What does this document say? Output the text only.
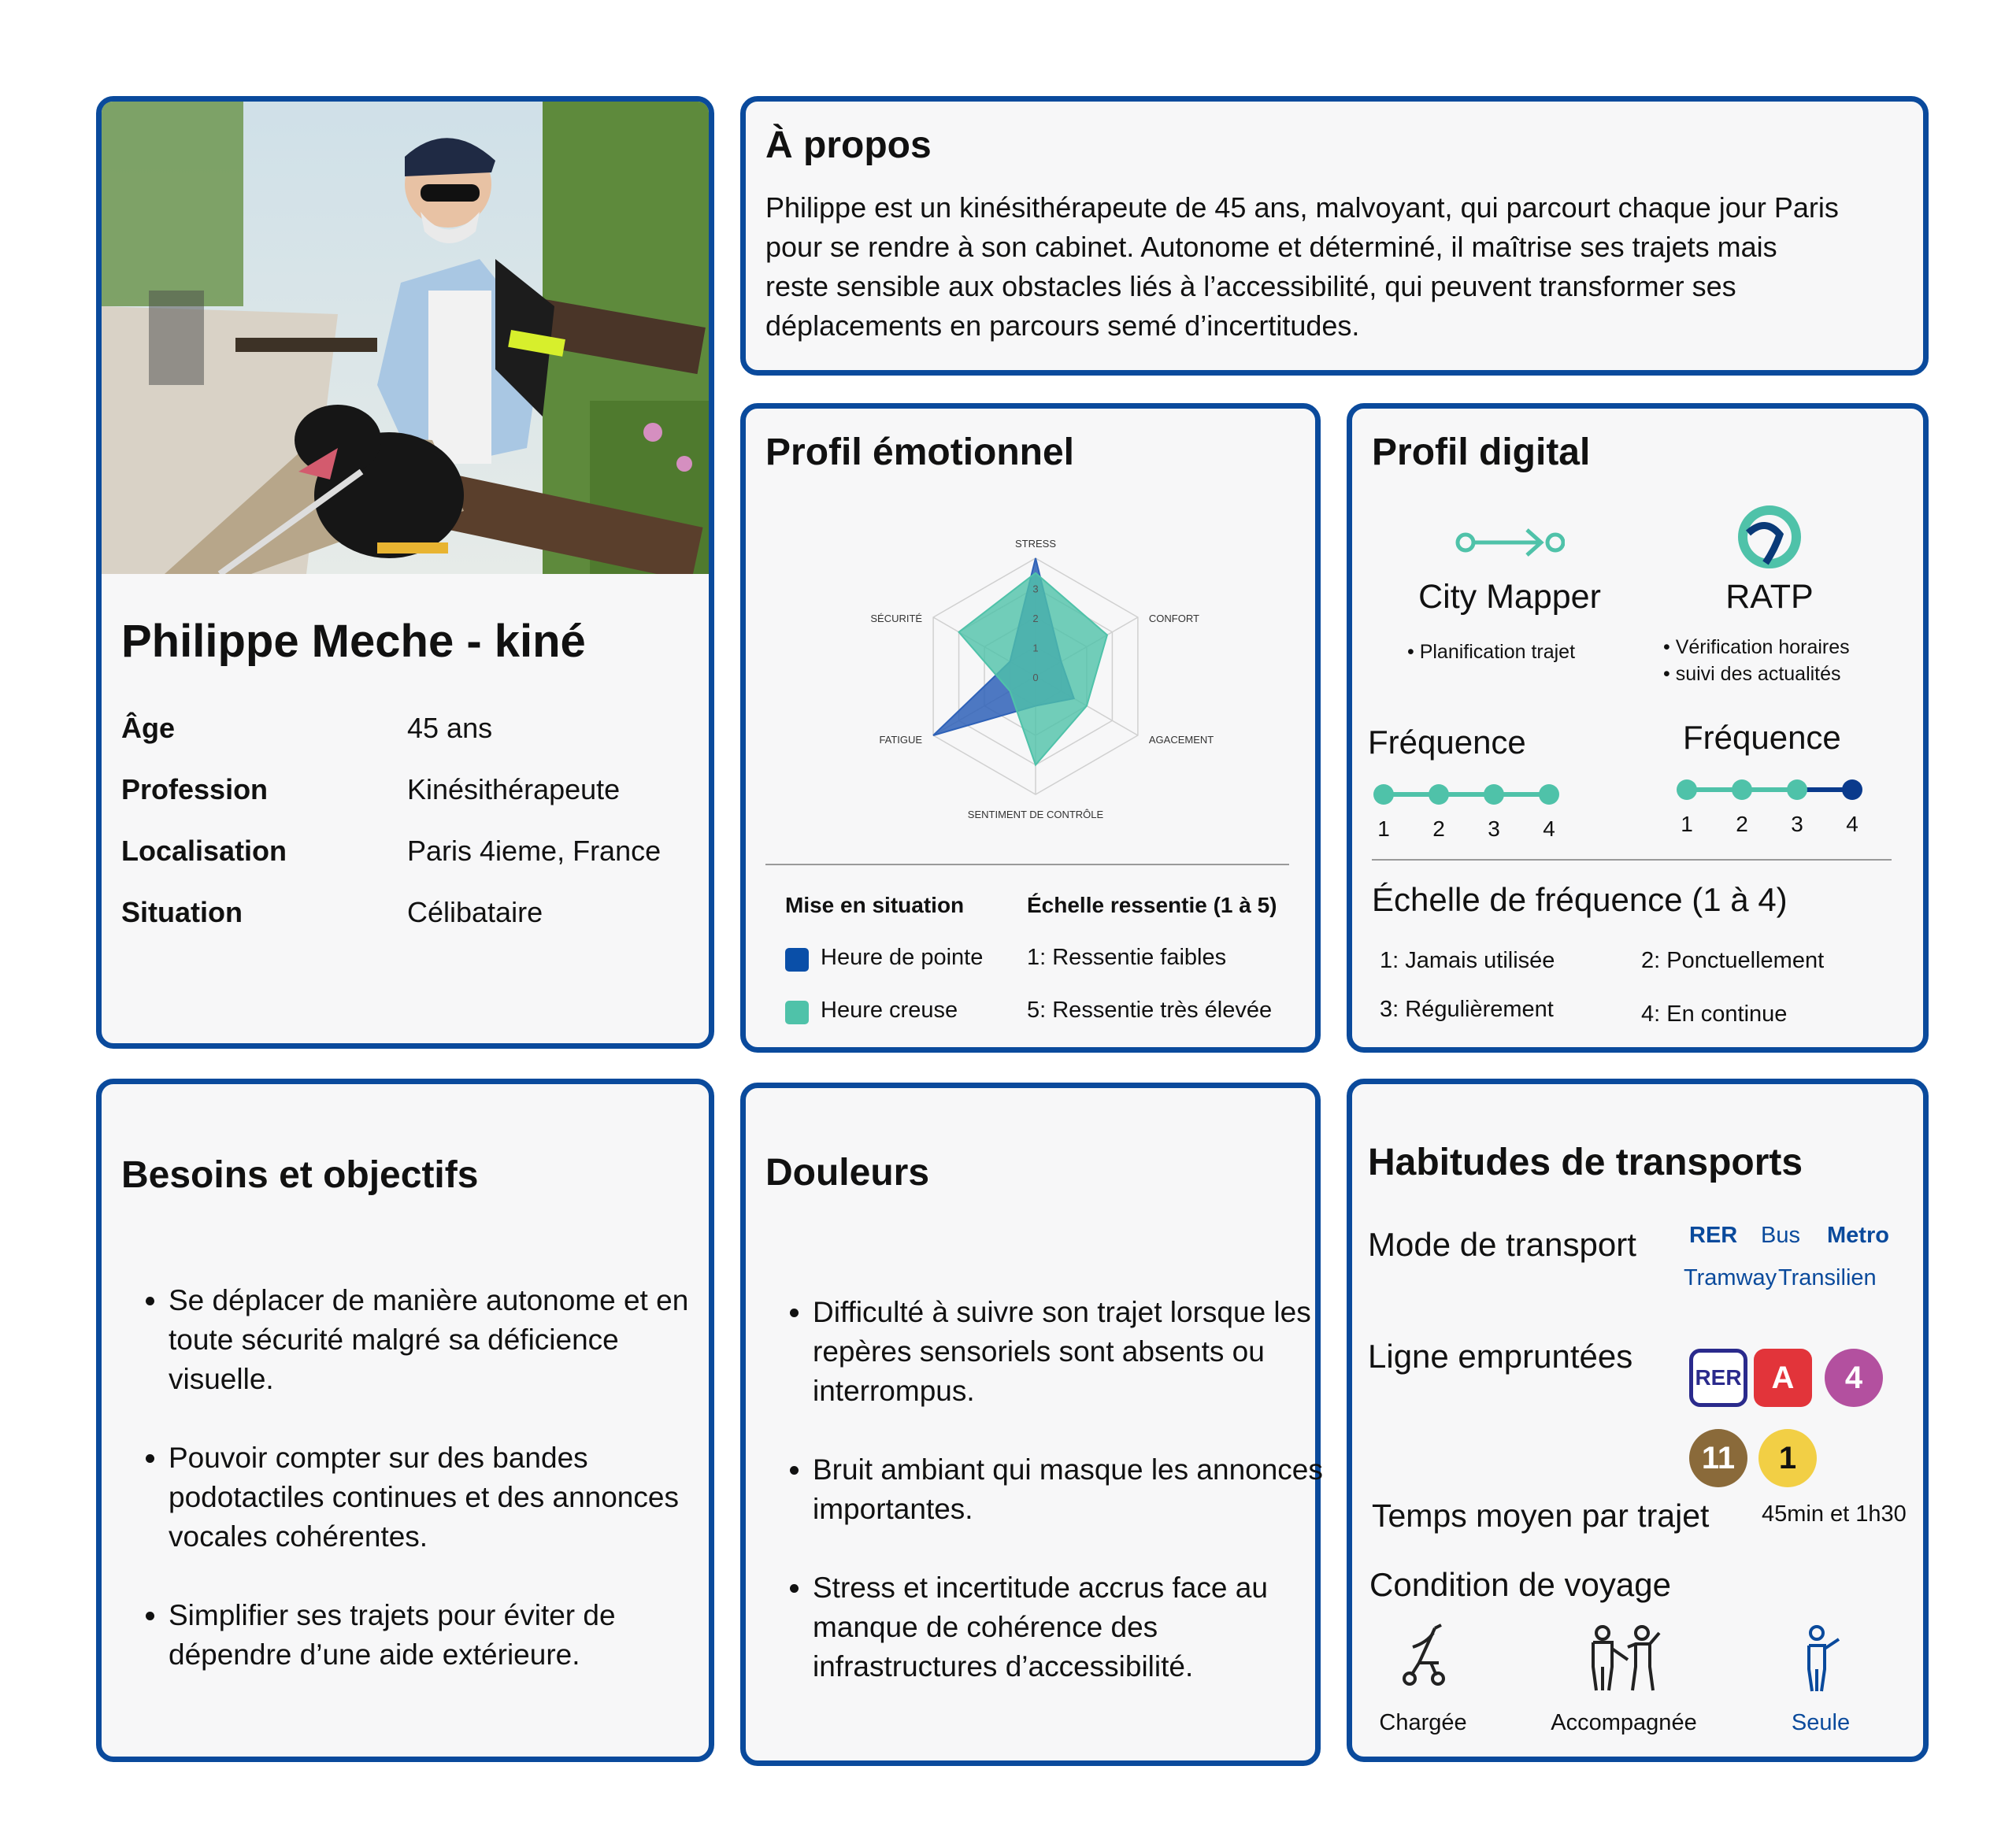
Philippe Meche - kiné
Âge	45 ans
Profession	Kinésithérapeute
Localisation	Paris 4ieme, France
Situation	Célibataire
À propos
Philippe est un kinésithérapeute de 45 ans, malvoyant, qui parcourt chaque jour Paris pour se rendre à son cabinet. Autonome et déterminé, il maîtrise ses trajets mais reste sensible aux obstacles liés à l’accessibilité, qui peuvent transformer ses déplacements en parcours semé d’incertitudes.
Profil émotionnel
0
1
2
3
STRESS
CONFORT
AGACEMENT
SENTIMENT DE CONTRÔLE
FATIGUE
SÉCURITÉ
Mise en situation	Échelle ressentie (1 à 5)
Heure de pointe 1: Ressentie faibles
Heure creuse	5: Ressentie très élevée
Profil digital
City Mapper
• Planification trajet
RATP
• Vérification horaires
• suivi des actualités
Fréquence
1 2 3 4
Fréquence
1 2 3 4
Échelle de fréquence (1 à 4)
1: Jamais utilisée	2: Ponctuellement
3: Régulièrement	4: En continue
Besoins et objectifs
• Se déplacer de manière autonome et en toute sécurité malgré sa déficience visuelle.
• Pouvoir compter sur des bandes podotactiles continues et des annonces vocales cohérentes.
• Simplifier ses trajets pour éviter de dépendre d’une aide extérieure.
Douleurs
• Difficulté à suivre son trajet lorsque les repères sensoriels sont absents ou interrompus.
• Bruit ambiant qui masque les annonces importantes.
• Stress et incertitude accrus face au manque de cohérence des infrastructures d’accessibilité.
Habitudes de transports
Mode de transport RER Bus Metro
Tramway Transilien
Ligne empruntées
RER A	4
11	1
Temps moyen par trajet 45min et 1h30
Condition de voyage
Chargée	Accompagnée	Seule
